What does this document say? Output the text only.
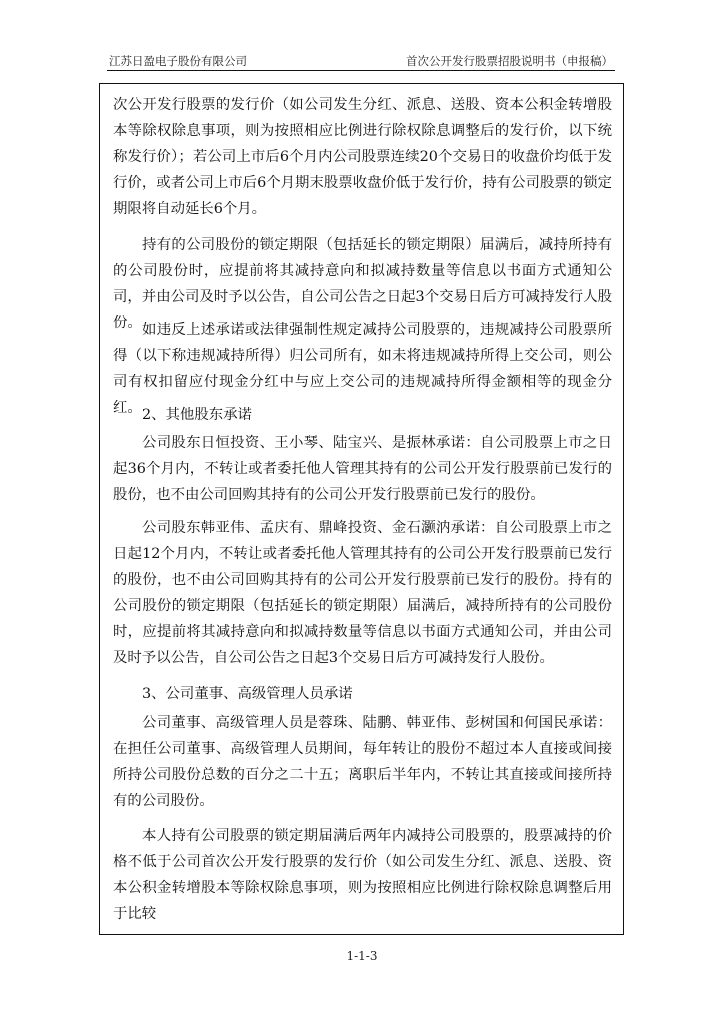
江苏日盈电子股份有限公司	首次公开发行股票招股说明书（申报稿）

次公开发行股票的发行价（如公司发生分红、派息、送股、资本公积金转增股本等除权除息事项，则为按照相应比例进行除权除息调整后的发行价，以下统称发行价）；若公司上市后6个月内公司股票连续20个交易日的收盘价均低于发行价，或者公司上市后6个月期末股票收盘价低于发行价，持有公司股票的锁定期限将自动延长6个月。

持有的公司股份的锁定期限（包括延长的锁定期限）届满后，减持所持有的公司股份时，应提前将其减持意向和拟减持数量等信息以书面方式通知公司，并由公司及时予以公告，自公司公告之日起3个交易日后方可减持发行人股份。 如违反上述承诺或法律强制性规定减持公司股票的，违规减持公司股票所得（以下称违规减持所得）归公司所有，如未将违规减持所得上交公司，则公司有权扣留应付现金分红中与应上交公司的违规减持所得金额相等的现金分红。 2、其他股东承诺

公司股东日恒投资、王小琴、陆宝兴、是振林承诺：自公司股票上市之日起36个月内，不转让或者委托他人管理其持有的公司公开发行股票前已发行的股份，也不由公司回购其持有的公司公开发行股票前已发行的股份。

公司股东韩亚伟、孟庆有、鼎峰投资、金石灏汭承诺：自公司股票上市之日起12个月内，不转让或者委托他人管理其持有的公司公开发行股票前已发行的股份，也不由公司回购其持有的公司公开发行股票前已发行的股份。持有的公司股份的锁定期限（包括延长的锁定期限）届满后，减持所持有的公司股份时，应提前将其减持意向和拟减持数量等信息以书面方式通知公司，并由公司及时予以公告，自公司公告之日起3个交易日后方可减持发行人股份。

3、公司董事、高级管理人员承诺

公司董事、高级管理人员是蓉珠、陆鹏、韩亚伟、彭树国和何国民承诺：在担任公司董事、高级管理人员期间，每年转让的股份不超过本人直接或间接所持公司股份总数的百分之二十五；离职后半年内，不转让其直接或间接所持有的公司股份。

本人持有公司股票的锁定期届满后两年内减持公司股票的，股票减持的价格不低于公司首次公开发行股票的发行价（如公司发生分红、派息、送股、资本公积金转增股本等除权除息事项，则为按照相应比例进行除权除息调整后用于比较

1-1-3
